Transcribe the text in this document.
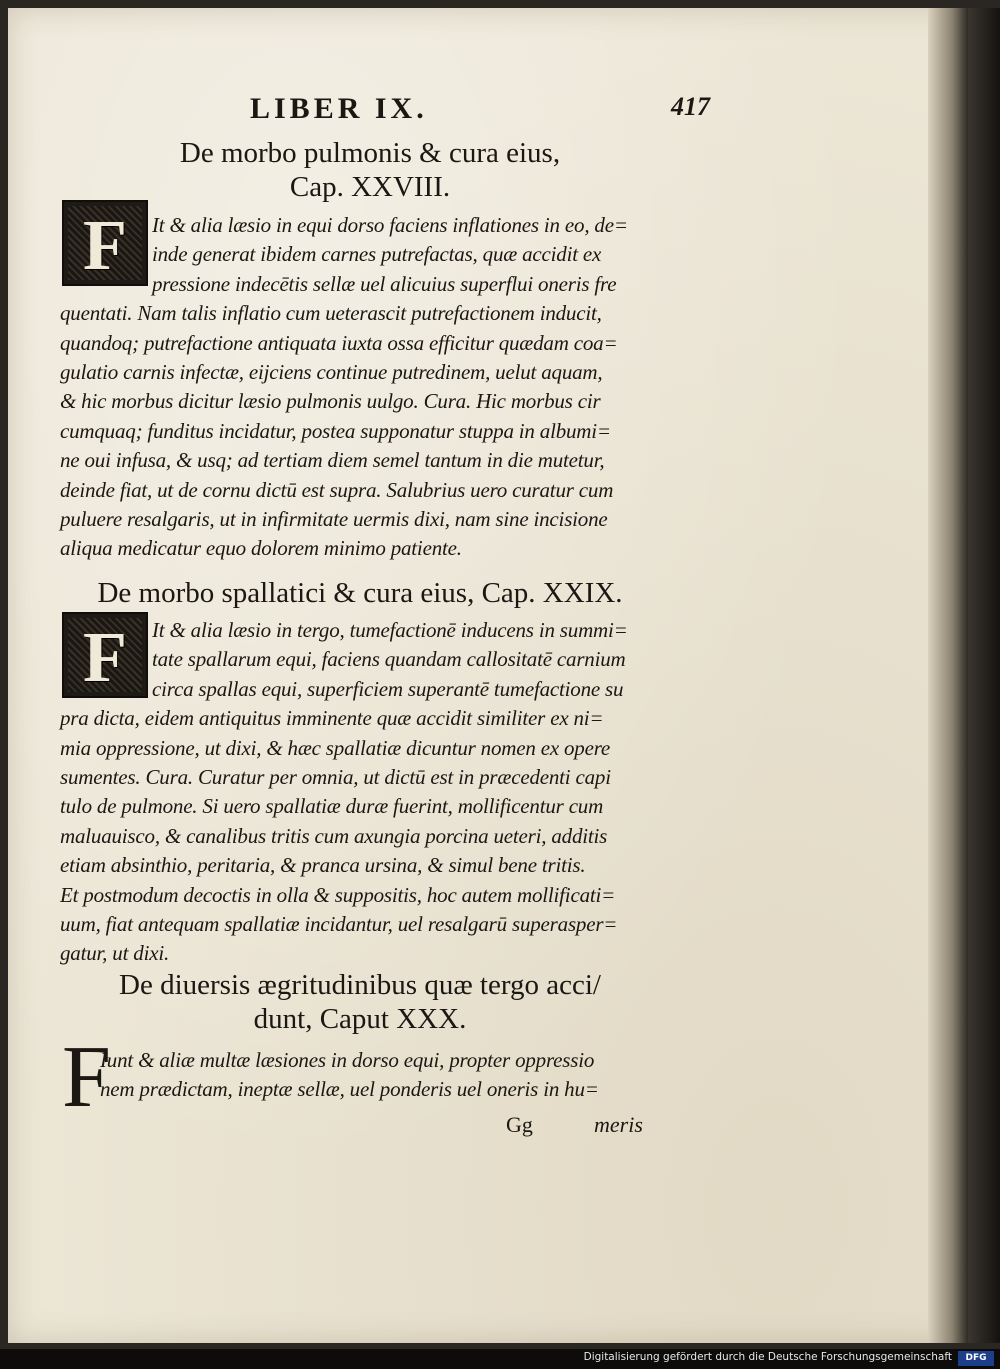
LIBER IX.	417
De morbo pulmonis & cura eius,
Cap. XXVIII.
F	It & alia læsio in equi dorso faciens inflationes in eo, de=
inde generat ibidem carnes putrefactas, quæ accidit ex
pressione indecētis sellæ uel alicuius superflui oneris fre
quentati. Nam talis inflatio cum ueterascit putrefactionem inducit,
quandoq; putrefactione antiquata iuxta ossa efficitur quædam coa=
gulatio carnis infectæ, eijciens continue putredinem, uelut aquam,
& hic morbus dicitur læsio pulmonis uulgo. Cura. Hic morbus cir
cumquaq; funditus incidatur, postea supponatur stuppa in albumi=
ne oui infusa, & usq; ad tertiam diem semel tantum in die mutetur,
deinde fiat, ut de cornu dictū est supra. Salubrius uero curatur cum
puluere resalgaris, ut in infirmitate uermis dixi, nam sine incisione
aliqua medicatur equo dolorem minimo patiente.
De morbo spallatici & cura eius, Cap. XXIX.
F	It & alia læsio in tergo, tumefactionē inducens in summi=
tate spallarum equi, faciens quandam callositatē carnium
circa spallas equi, superficiem superantē tumefactione su
pra dicta, eidem antiquitus imminente quæ accidit similiter ex ni=
mia oppressione, ut dixi, & hæc spallatiæ dicuntur nomen ex opere
sumentes. Cura. Curatur per omnia, ut dictū est in præcedenti capi
tulo de pulmone. Si uero spallatiæ duræ fuerint, mollificentur cum
maluauisco, & canalibus tritis cum axungia porcina ueteri, additis
etiam absinthio, peritaria, & pranca ursina, & simul bene tritis.
Et postmodum decoctis in olla & suppositis, hoc autem mollificati=
uum, fiat antequam spallatiæ incidantur, uel resalgarū superasper=
gatur, ut dixi.
De diuersis ægritudinibus quæ tergo acci/
dunt, Caput XXX.
F
Iunt & aliæ multæ læsiones in dorso equi, propter oppressio
nem prædictam, ineptæ sellæ, uel ponderis uel oneris in hu=
Gg	meris
Digitalisierung gefördert durch die Deutsche Forschungsgemeinschaft	DFG
